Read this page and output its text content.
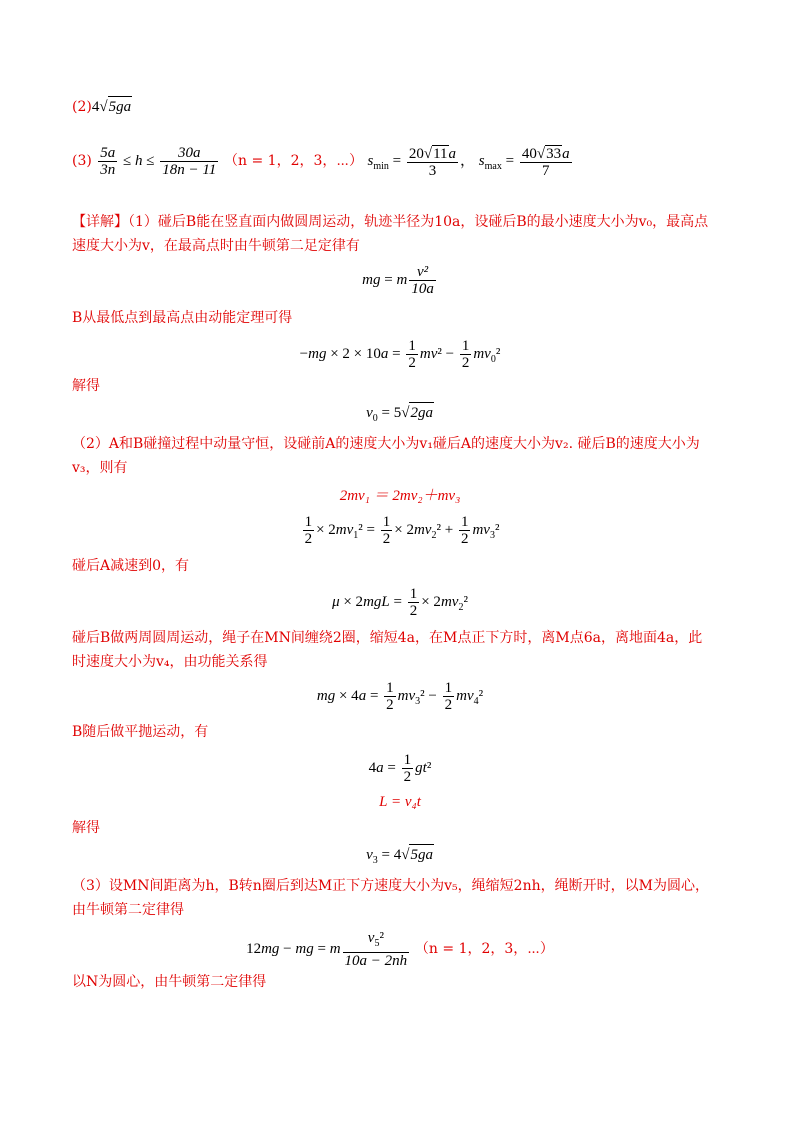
(2)4√5ga
$(3) \frac{5a}{3n} \le h \le \frac{30a}{18n - 11} (n = 1$，2，3，⋯） $s_{min} = \frac{20√11a}{3}$ ， $s_{max} = \frac{40√33a}{7}$
【详解】（1）碰后B能在竖直面内做圆周运动，轨迹半径为10a，设碰后B的最小速度大小为v₀，最高点
速度大小为v，在最高点时由牛顿第二足定律有
mg = m $\frac{\text{v²}}{10a}$
B从最低点到最高点由动能定理可得
$-mg \times 2 \times 10a = \frac{1}{2} mv^2 - \frac{1}{2} mv_0^2$
解得
$v_0 = 5√2ga$
（2）A和B碰撞过程中动量守恒，设碰前A的速度大小为v₁碰后A的速度大小为v₂. 碰后B的速度大小为
v₃，则有
2mv₁ ＝ 2mv₂＋mv₃
$\frac{1}{2} \times 2mv_1^2 = \frac{1}{2} \times 2mv_2^2 + \frac{1}{2} mv_3^2$
碰后A减速到0，有
$\mu \times 2mgL = \frac{1}{2} \times 2mv_2^2$
碰后B做两周圆周运动，绳子在MN间缠绕2圈，缩短4a，在M点正下方时，离M点6a，离地面4a，此
时速度大小为v₄，由功能关系得
mg × $4a = \frac{1}{2} mv_3^2 - \frac{1}{2} mv_4^2$
B随后做平抛运动，有
$4a = \frac{1}{2} gt^2$
L = v₄t
解得
$v_3 = 4√5ga$
（3）设MN间距离为h，B转n圈后到达M正下方速度大小为v₅，绳缩短2nh，绳断开时，以M为圆心，
由牛顿第二定律得
12mg − mg = m $\frac{v_5^2}{10a - 2nh} (n = 1$，2，3，⋯）
以N为圆心，由牛顿第二定律得
